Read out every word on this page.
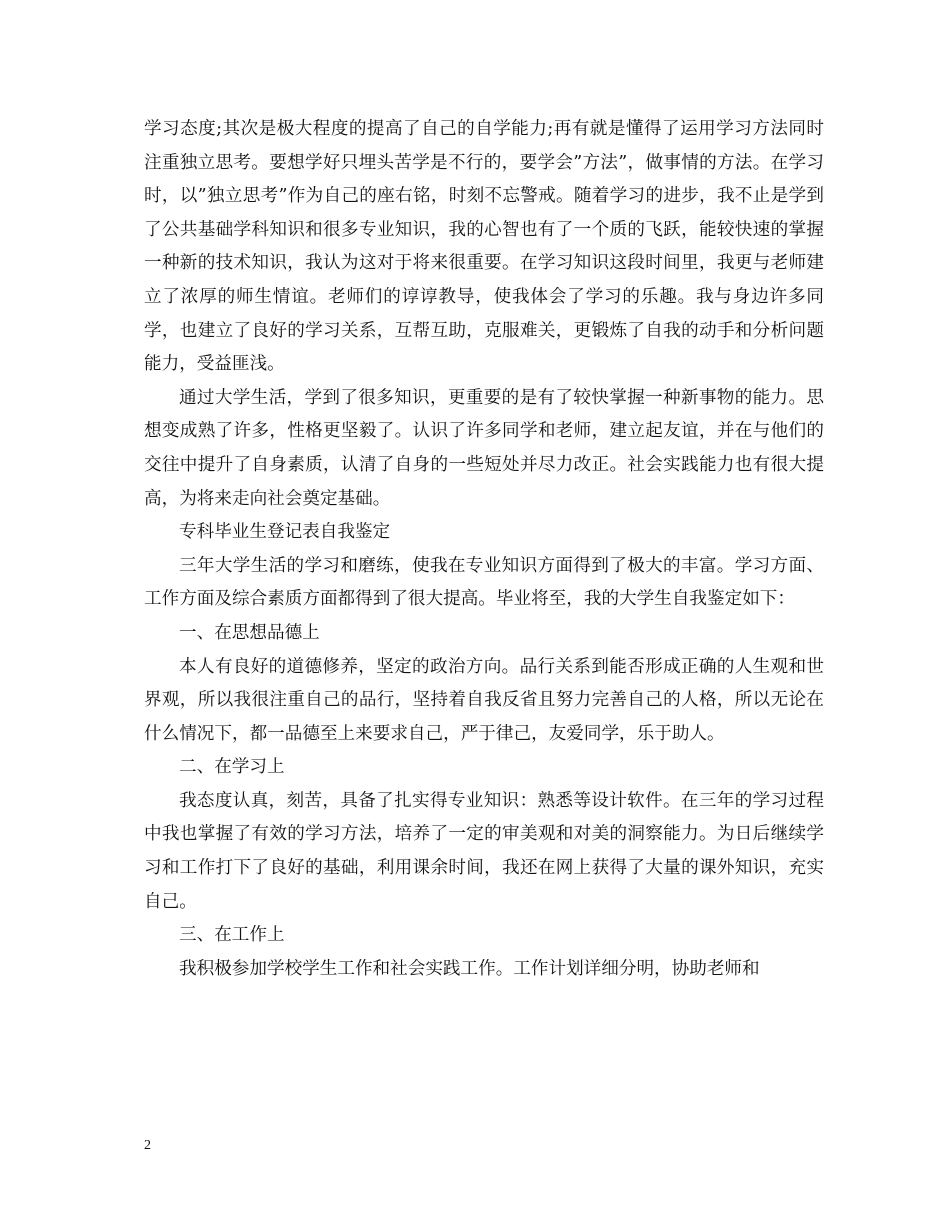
学习态度;其次是极大程度的提高了自己的自学能力;再有就是懂得了运用学习方法同时注重独立思考。要想学好只埋头苦学是不行的，要学会”方法”，做事情的方法。在学习时，以”独立思考”作为自己的座右铭，时刻不忘警戒。随着学习的进步，我不止是学到了公共基础学科知识和很多专业知识，我的心智也有了一个质的飞跃，能较快速的掌握一种新的技术知识，我认为这对于将来很重要。在学习知识这段时间里，我更与老师建立了浓厚的师生情谊。老师们的谆谆教导，使我体会了学习的乐趣。我与身边许多同学，也建立了良好的学习关系，互帮互助，克服难关，更锻炼了自我的动手和分析问题能力，受益匪浅。

通过大学生活，学到了很多知识，更重要的是有了较快掌握一种新事物的能力。思想变成熟了许多，性格更坚毅了。认识了许多同学和老师，建立起友谊，并在与他们的交往中提升了自身素质，认清了自身的一些短处并尽力改正。社会实践能力也有很大提高，为将来走向社会奠定基础。

专科毕业生登记表自我鉴定

三年大学生活的学习和磨练，使我在专业知识方面得到了极大的丰富。学习方面、工作方面及综合素质方面都得到了很大提高。毕业将至，我的大学生自我鉴定如下：

一、在思想品德上

本人有良好的道德修养，坚定的政治方向。品行关系到能否形成正确的人生观和世界观，所以我很注重自己的品行，坚持着自我反省且努力完善自己的人格，所以无论在什么情况下，都一品德至上来要求自己，严于律己，友爱同学，乐于助人。

二、在学习上

我态度认真，刻苦，具备了扎实得专业知识：熟悉等设计软件。在三年的学习过程中我也掌握了有效的学习方法，培养了一定的审美观和对美的洞察能力。为日后继续学习和工作打下了良好的基础，利用课余时间，我还在网上获得了大量的课外知识，充实自己。

三、在工作上

我积极参加学校学生工作和社会实践工作。工作计划详细分明，协助老师和

2
